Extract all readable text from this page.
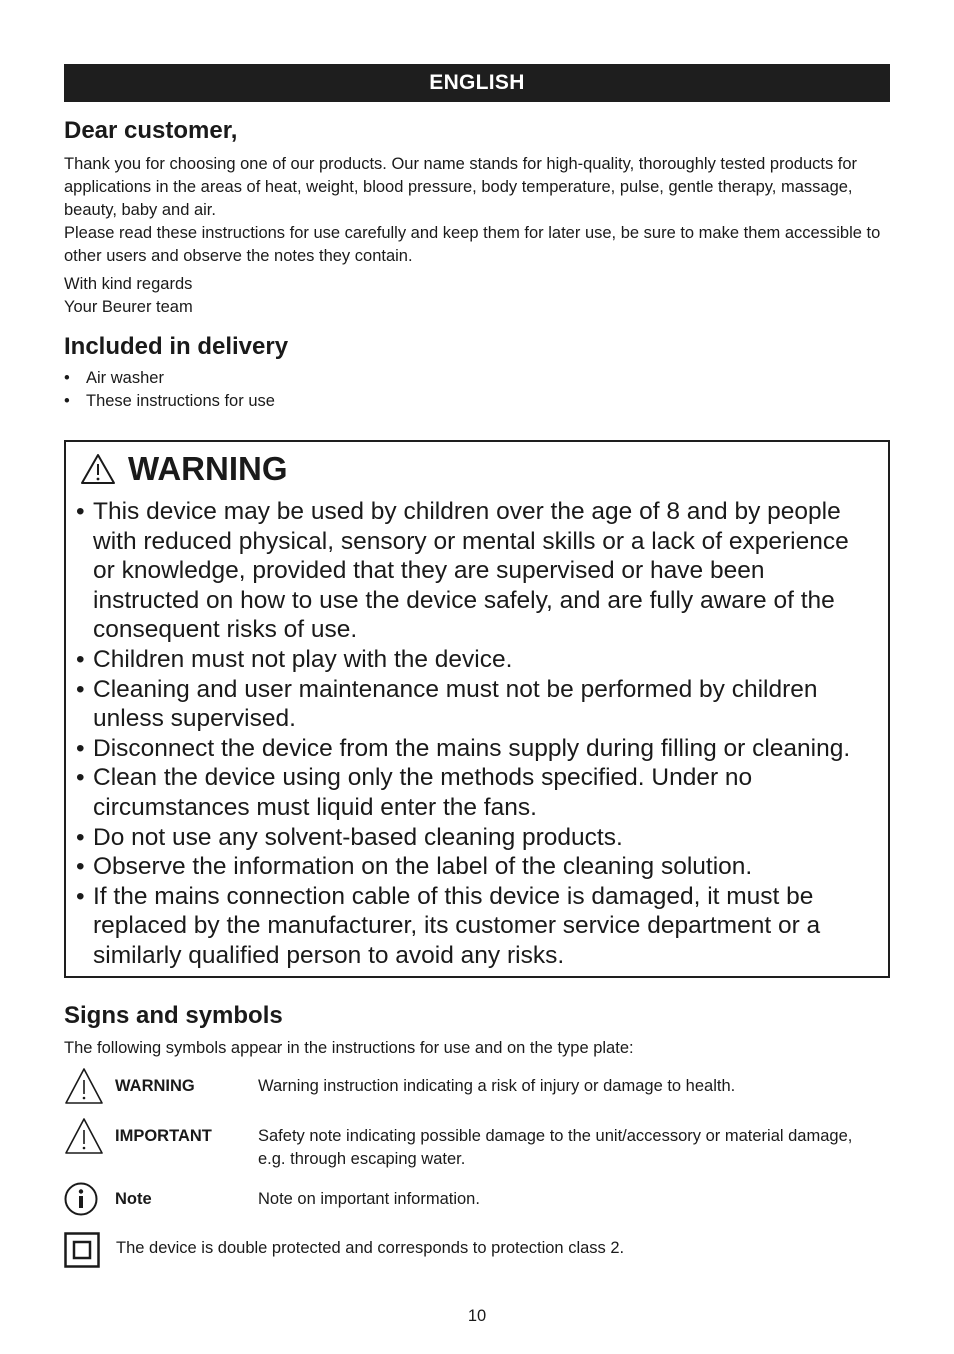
ENGLISH
Dear customer,

Thank you for choosing one of our products. Our name stands for high-quality, thoroughly tested products for applications in the areas of heat, weight, blood pressure, body temperature, pulse, gentle therapy, massage, beauty, baby and air.

Please read these instructions for use carefully and keep them for later use, be sure to make them accessible to other users and observe the notes they contain.

With kind regards

Your Beurer team

Included in delivery
• Air washer
• These instructions for use
WARNING
• This device may be used by children over the age of 8 and by people with reduced physical, sensory or mental skills or a lack of experience or knowledge, provided that they are supervised or have been instructed on how to use the device safely, and are fully aware of the consequent risks of use.
• Children must not play with the device.
• Cleaning and user maintenance must not be performed by children unless supervised.
• Disconnect the device from the mains supply during filling or cleaning.
• Clean the device using only the methods specified. Under no circumstances must liquid enter the fans.
• Do not use any solvent-based cleaning products.
• Observe the information on the label of the cleaning solution.
• If the mains connection cable of this device is damaged, it must be replaced by the manufacturer, its customer service department or a similarly qualified person to avoid any risks.
Signs and symbols
The following symbols appear in the instructions for use and on the type plate:
WARNING	Warning instruction indicating a risk of injury or damage to health.
IMPORTANT	Safety note indicating possible damage to the unit/accessory or material damage, e.g. through escaping water.
Note	Note on important information.
The device is double protected and corresponds to protection class 2.
10
